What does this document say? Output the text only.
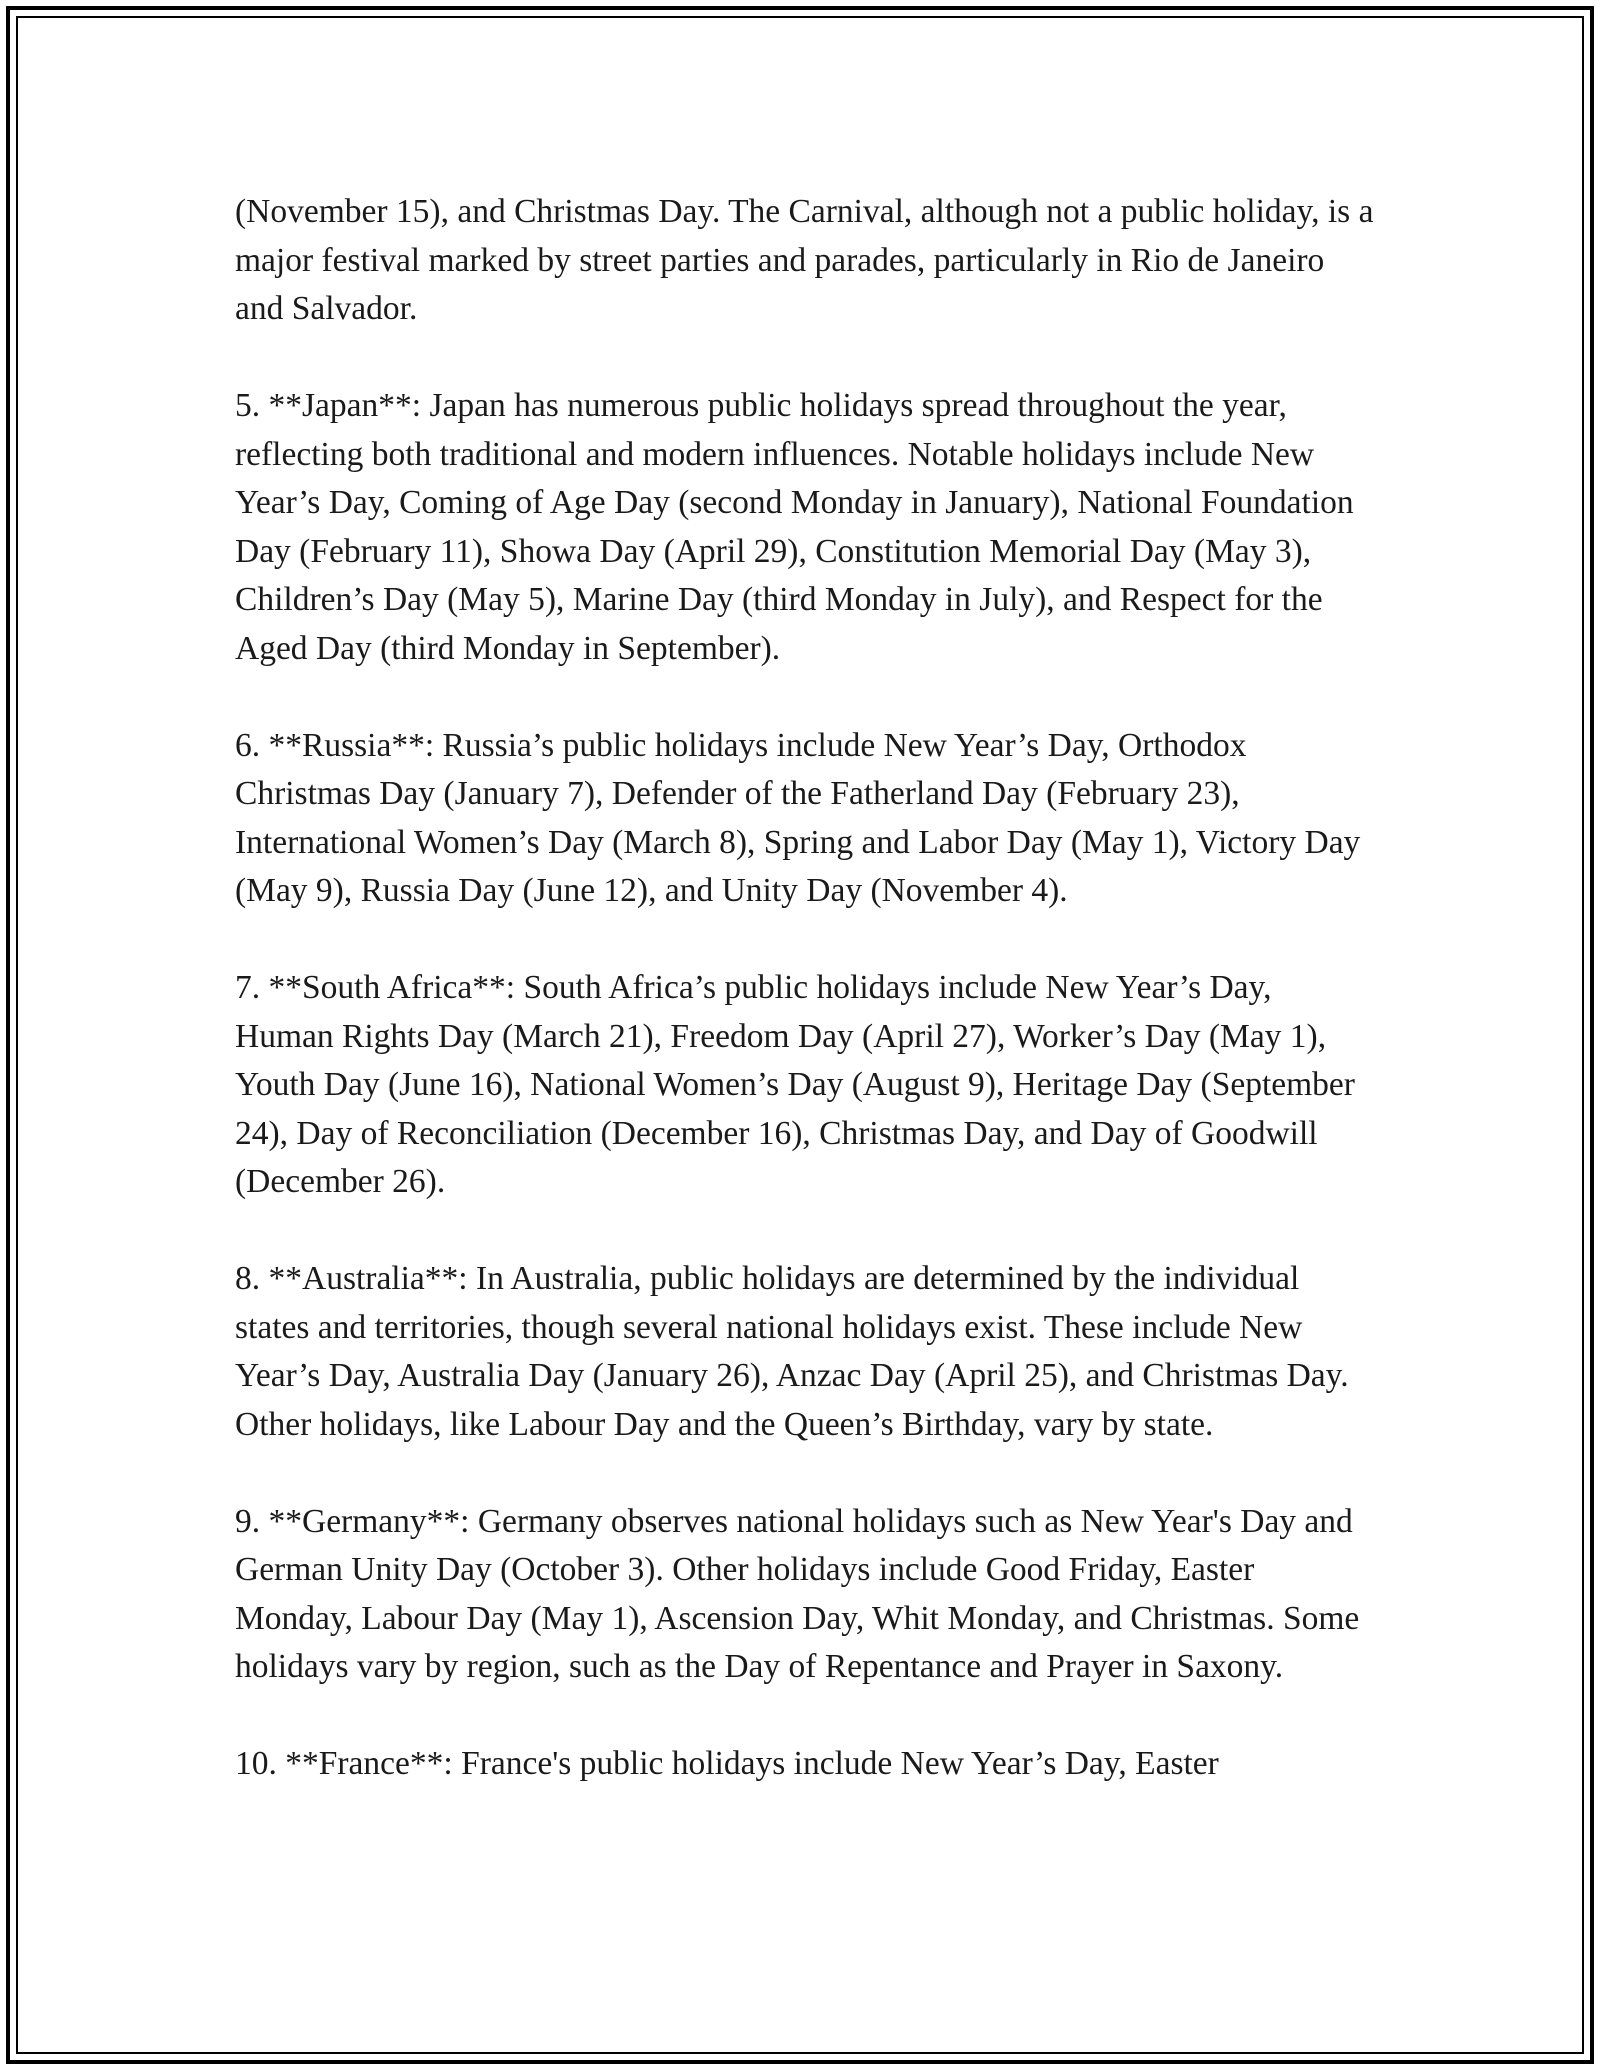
(November 15), and Christmas Day. The Carnival, although not a public holiday, is a major festival marked by street parties and parades, particularly in Rio de Janeiro and Salvador.

5. **Japan**: Japan has numerous public holidays spread throughout the year, reflecting both traditional and modern influences. Notable holidays include New Year’s Day, Coming of Age Day (second Monday in January), National Foundation Day (February 11), Showa Day (April 29), Constitution Memorial Day (May 3), Children’s Day (May 5), Marine Day (third Monday in July), and Respect for the Aged Day (third Monday in September).

6. **Russia**: Russia’s public holidays include New Year’s Day, Orthodox Christmas Day (January 7), Defender of the Fatherland Day (February 23), International Women’s Day (March 8), Spring and Labor Day (May 1), Victory Day (May 9), Russia Day (June 12), and Unity Day (November 4).

7. **South Africa**: South Africa’s public holidays include New Year’s Day, Human Rights Day (March 21), Freedom Day (April 27), Worker’s Day (May 1), Youth Day (June 16), National Women’s Day (August 9), Heritage Day (September 24), Day of Reconciliation (December 16), Christmas Day, and Day of Goodwill (December 26).

8. **Australia**: In Australia, public holidays are determined by the individual states and territories, though several national holidays exist. These include New Year’s Day, Australia Day (January 26), Anzac Day (April 25), and Christmas Day. Other holidays, like Labour Day and the Queen’s Birthday, vary by state.

9. **Germany**: Germany observes national holidays such as New Year's Day and German Unity Day (October 3). Other holidays include Good Friday, Easter Monday, Labour Day (May 1), Ascension Day, Whit Monday, and Christmas. Some holidays vary by region, such as the Day of Repentance and Prayer in Saxony.

10. **France**: France's public holidays include New Year’s Day, Easter
